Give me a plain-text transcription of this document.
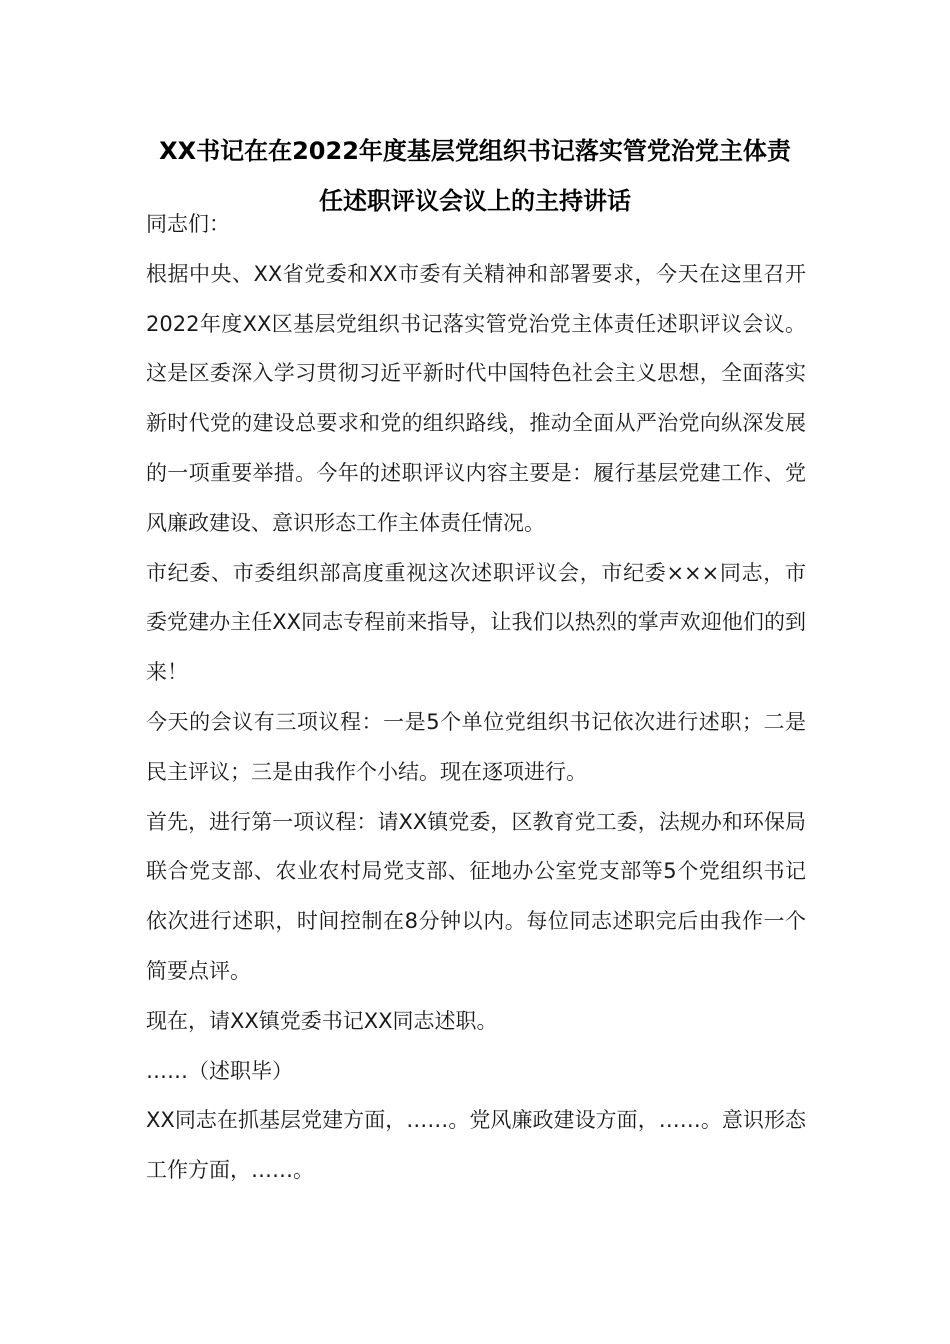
XX书记在在2022年度基层党组织书记落实管党治党主体责
任述职评议会议上的主持讲话

同志们：

根据中央、XX省党委和XX市委有关精神和部署要求，今天在这里召开2022年度XX区基层党组织书记落实管党治党主体责任述职评议会议。这是区委深入学习贯彻习近平新时代中国特色社会主义思想，全面落实新时代党的建设总要求和党的组织路线，推动全面从严治党向纵深发展的一项重要举措。今年的述职评议内容主要是：履行基层党建工作、党风廉政建设、意识形态工作主体责任情况。

市纪委、市委组织部高度重视这次述职评议会，市纪委×××同志，市委党建办主任XX同志专程前来指导，让我们以热烈的掌声欢迎他们的到来！

今天的会议有三项议程：一是5个单位党组织书记依次进行述职；二是民主评议；三是由我作个小结。现在逐项进行。

首先，进行第一项议程：请XX镇党委，区教育党工委，法规办和环保局联合党支部、农业农村局党支部、征地办公室党支部等5个党组织书记依次进行述职，时间控制在8分钟以内。每位同志述职完后由我作一个简要点评。

现在，请XX镇党委书记XX同志述职。

……（述职毕）

XX同志在抓基层党建方面，……。党风廉政建设方面，……。意识形态工作方面，……。
